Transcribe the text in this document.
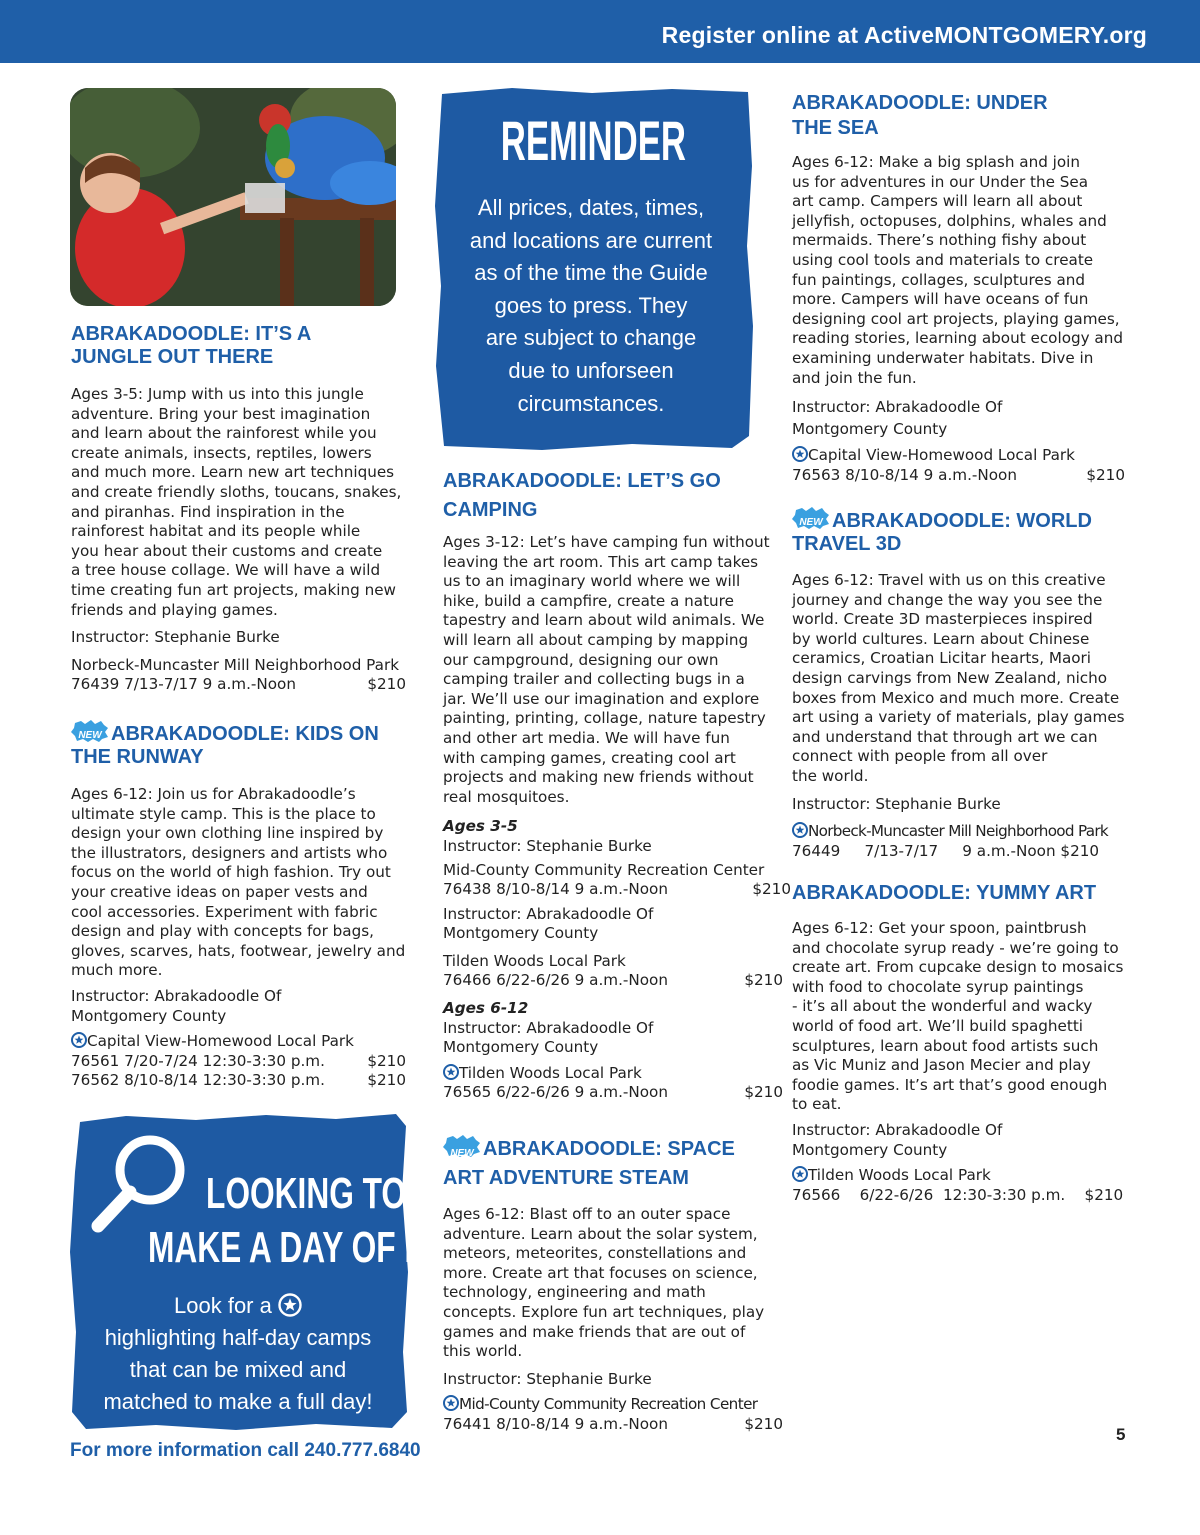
Register online at ActiveMONTGOMERY.org
ABRAKADOODLE: IT’S A
JUNGLE OUT THERE
Ages 3-5: Jump with us into this jungle
adventure. Bring your best imagination
and learn about the rainforest while you
create animals, insects, reptiles, lowers
and much more. Learn new art techniques
and create friendly sloths, toucans, snakes,
and piranhas. Find inspiration in the
rainforest habitat and its people while
you hear about their customs and create
a tree house collage. We will have a wild
time creating fun art projects, making new
friends and playing games.
Instructor: Stephanie Burke
Norbeck-Muncaster Mill Neighborhood Park
76439 7/13-7/17 9 a.m.-Noon	$210
NEW ABRAKADOODLE: KIDS ON
THE RUNWAY
Ages 6-12: Join us for Abrakadoodle’s
ultimate style camp. This is the place to
design your own clothing line inspired by
the illustrators, designers and artists who
focus on the world of high fashion. Try out
your creative ideas on paper vests and
cool accessories. Experiment with fabric
design and play with concepts for bags,
gloves, scarves, hats, footwear, jewelry and
much more.
Instructor: Abrakadoodle Of
Montgomery County
Capital View-Homewood Local Park
76561 7/20-7/24 12:30-3:30 p.m.	$210
76562 8/10-8/14 12:30-3:30 p.m.	$210
LOOKING TO
MAKE A DAY OF IT?
Look for a
highlighting half-day camps
that can be mixed and
matched to make a full day!
REMINDER
All prices, dates, times,
and locations are current
as of the time the Guide
goes to press. They
are subject to change
due to unforseen
circumstances.
ABRAKADOODLE: LET’S GO
CAMPING
Ages 3-12: Let’s have camping fun without
leaving the art room. This art camp takes
us to an imaginary world where we will
hike, build a campfire, create a nature
tapestry and learn about wild animals. We
will learn all about camping by mapping
our campground, designing our own
camping trailer and collecting bugs in a
jar. We’ll use our imagination and explore
painting, printing, collage, nature tapestry
and other art media. We will have fun
with camping games, creating cool art
projects and making new friends without
real mosquitoes.
Ages 3-5
Instructor: Stephanie Burke
Mid-County Community Recreation Center
76438 8/10-8/14 9 a.m.-Noon	$210
Instructor: Abrakadoodle Of
Montgomery County
Tilden Woods Local Park
76466 6/22-6/26 9 a.m.-Noon	$210
Ages 6-12
Instructor: Abrakadoodle Of
Montgomery County
Tilden Woods Local Park
76565 6/22-6/26 9 a.m.-Noon	$210
NEW ABRAKADOODLE: SPACE
ART ADVENTURE STEAM
Ages 6-12: Blast off to an outer space
adventure. Learn about the solar system,
meteors, meteorites, constellations and
more. Create art that focuses on science,
technology, engineering and math
concepts. Explore fun art techniques, play
games and make friends that are out of
this world.
Instructor: Stephanie Burke
Mid-County Community Recreation Center
76441 8/10-8/14 9 a.m.-Noon	$210
ABRAKADOODLE: UNDER
THE SEA
Ages 6-12: Make a big splash and join
us for adventures in our Under the Sea
art camp. Campers will learn all about
jellyfish, octopuses, dolphins, whales and
mermaids. There’s nothing fishy about
using cool tools and materials to create
fun paintings, collages, sculptures and
more. Campers will have oceans of fun
designing cool art projects, playing games,
reading stories, learning about ecology and
examining underwater habitats. Dive in
and join the fun.
Instructor: Abrakadoodle Of
Montgomery County
Capital View-Homewood Local Park
76563 8/10-8/14 9 a.m.-Noon	$210
NEW ABRAKADOODLE: WORLD
TRAVEL 3D
Ages 6-12: Travel with us on this creative
journey and change the way you see the
world. Create 3D masterpieces inspired
by world cultures. Learn about Chinese
ceramics, Croatian Licitar hearts, Maori
design carvings from New Zealand, nicho
boxes from Mexico and much more. Create
art using a variety of materials, play games
and understand that through art we can
connect with people from all over
the world.
Instructor: Stephanie Burke
Norbeck-Muncaster Mill Neighborhood Park
76449     7/13-7/17     9 a.m.-Noon $210
ABRAKADOODLE: YUMMY ART
Ages 6-12: Get your spoon, paintbrush
and chocolate syrup ready - we’re going to
create art. From cupcake design to mosaics
with food to chocolate syrup paintings
- it’s all about the wonderful and wacky
world of food art. We’ll build spaghetti
sculptures, learn about food artists such
as Vic Muniz and Jason Mecier and play
foodie games. It’s art that’s good enough
to eat.
Instructor: Abrakadoodle Of
Montgomery County
Tilden Woods Local Park
76566    6/22-6/26  12:30-3:30 p.m.    $210
For more information call 240.777.6840
5
